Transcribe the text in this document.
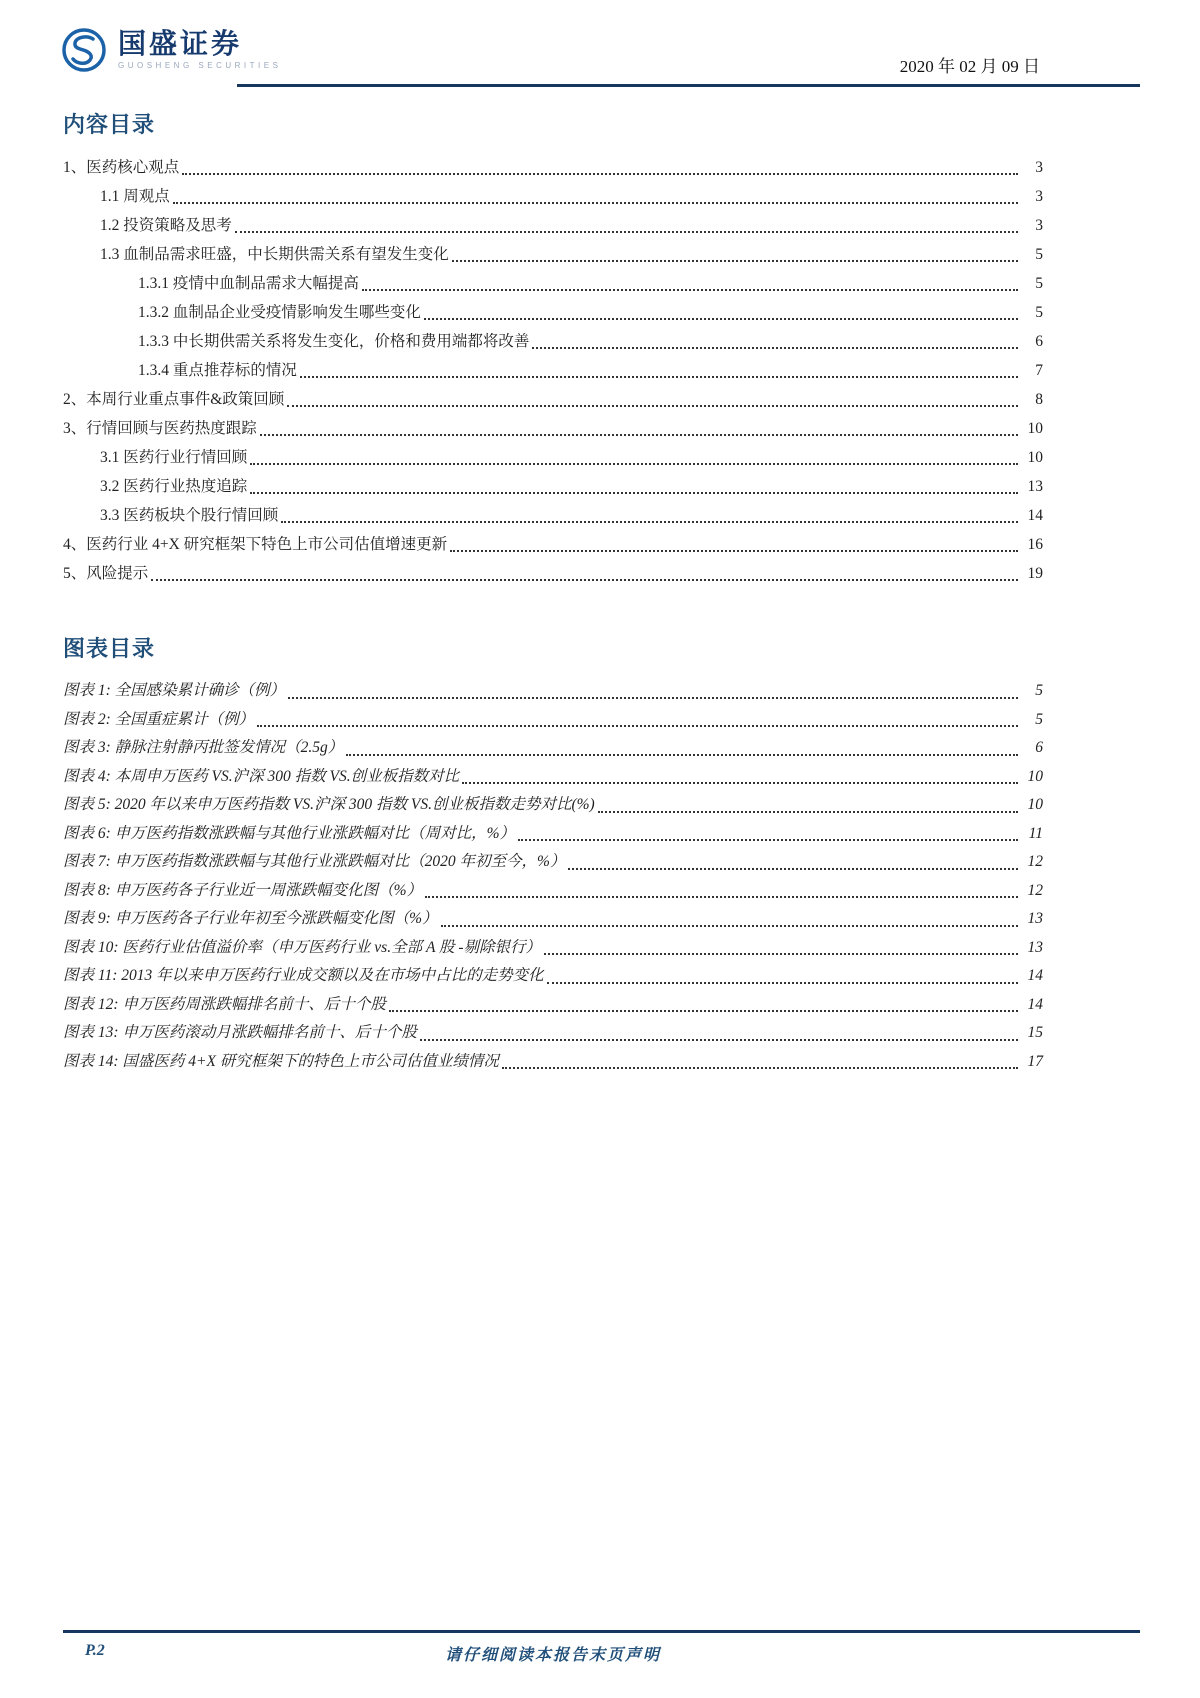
国盛证券
GUOSHENG SECURITIES	2020 年 02 月 09 日
内容目录
1、医药核心观点	3
1.1 周观点	3
1.2 投资策略及思考	3
1.3 血制品需求旺盛，中长期供需关系有望发生变化	5
1.3.1 疫情中血制品需求大幅提高	5
1.3.2 血制品企业受疫情影响发生哪些变化	5
1.3.3 中长期供需关系将发生变化，价格和费用端都将改善	6
1.3.4 重点推荐标的情况	7
2、本周行业重点事件&政策回顾	8
3、行情回顾与医药热度跟踪	10
3.1 医药行业行情回顾	10
3.2 医药行业热度追踪	13
3.3 医药板块个股行情回顾	14
4、医药行业 4+X 研究框架下特色上市公司估值增速更新	16
5、风险提示	19
图表目录
图表 1: 全国感染累计确诊（例）	5
图表 2: 全国重症累计（例）	5
图表 3: 静脉注射静丙批签发情况（2.5g）	6
图表 4: 本周申万医药 VS.沪深 300 指数 VS.创业板指数对比	10
图表 5: 2020 年以来申万医药指数 VS.沪深 300 指数 VS.创业板指数走势对比(%)	10
图表 6: 申万医药指数涨跌幅与其他行业涨跌幅对比（周对比，%）	11
图表 7: 申万医药指数涨跌幅与其他行业涨跌幅对比（2020 年初至今，%）	12
图表 8: 申万医药各子行业近一周涨跌幅变化图（%）	12
图表 9: 申万医药各子行业年初至今涨跌幅变化图（%）	13
图表 10: 医药行业估值溢价率（申万医药行业 vs.全部 A 股 -剔除银行）	13
图表 11: 2013 年以来申万医药行业成交额以及在市场中占比的走势变化	14
图表 12: 申万医药周涨跌幅排名前十、后十个股	14
图表 13: 申万医药滚动月涨跌幅排名前十、后十个股	15
图表 14: 国盛医药 4+X 研究框架下的特色上市公司估值业绩情况	17
P.2	请仔细阅读本报告末页声明
